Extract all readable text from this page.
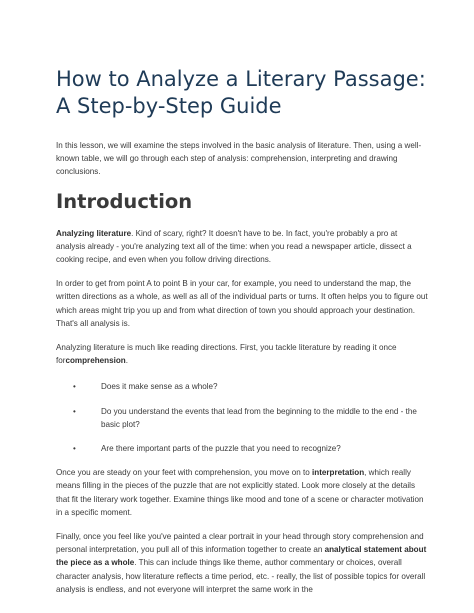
How to Analyze a Literary Passage: A Step-by-Step Guide

In this lesson, we will examine the steps involved in the basic analysis of literature. Then, using a well-known table, we will go through each step of analysis: comprehension, interpreting and drawing conclusions.

Introduction

Analyzing literature. Kind of scary, right? It doesn't have to be. In fact, you're probably a pro at analysis already - you're analyzing text all of the time: when you read a newspaper article, dissect a cooking recipe, and even when you follow driving directions.

In order to get from point A to point B in your car, for example, you need to understand the map, the written directions as a whole, as well as all of the individual parts or turns. It often helps you to figure out which areas might trip you up and from what direction of town you should approach your destination. That's all analysis is.

Analyzing literature is much like reading directions. First, you tackle literature by reading it once forcomprehension.

•	Does it make sense as a whole?
•	Do you understand the events that lead from the beginning to the middle to the end - the basic plot?
•	Are there important parts of the puzzle that you need to recognize?

Once you are steady on your feet with comprehension, you move on to interpretation, which really means filling in the pieces of the puzzle that are not explicitly stated. Look more closely at the details that fit the literary work together. Examine things like mood and tone of a scene or character motivation in a specific moment.

Finally, once you feel like you've painted a clear portrait in your head through story comprehension and personal interpretation, you pull all of this information together to create an analytical statement about the piece as a whole. This can include things like theme, author commentary or choices, overall character analysis, how literature reflects a time period, etc. - really, the list of possible topics for overall analysis is endless, and not everyone will interpret the same work in the
